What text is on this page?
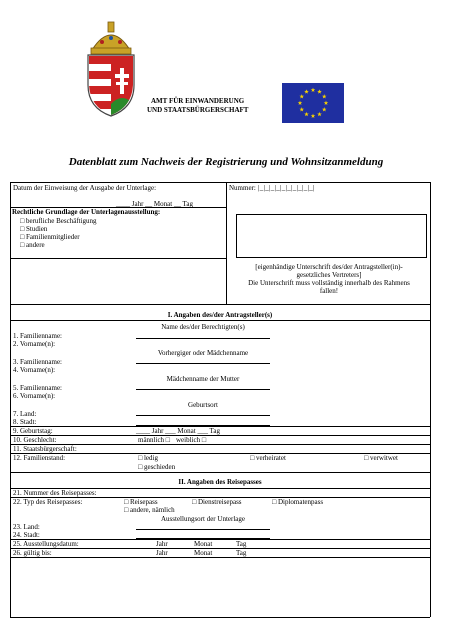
AMT FÜR EINWANDERUNG
UND STAATSBÜRGERSCHAFT
Datenblatt zum Nachweis der Registrierung und Wohnsitzanmeldung
Datum der Einweisung der Ausgabe der Unterlage:	Nummer: |_|_|_|_|_|_|_|_|_|_|
____ Jahr __ Monat __ Tag
Rechtliche Grundlage der Unterlagenausstellung:
□ berufliche Beschäftigung
□ Studien
□ Familienmitglieder
□ andere
[eigenhändige Unterschrift des/der Antragsteller(in)-
gesetzliches Vertreters]
Die Unterschrift muss vollständig innerhalb des Rahmens
fallen!
I. Angaben des/der Antragsteller(s)
Name des/der Berechtigten(s)
1. Familienname:
2. Vorname(n):
Vorhergiger oder Mädchenname
3. Familienname:
4. Vorname(n):
Mädchenname der Mutter
5. Familienname:
6. Vorname(n):
Geburtsort
7. Land:
8. Stadt:
9. Geburtstag:	____ Jahr ___ Monat ___ Tag
10. Geschlecht:	männlich □ weiblich □
11. Staatsbürgerschaft:
12. Familienstand:	□ ledig	□ verheiratet	□ verwitwet
□ geschieden
II. Angaben des Reisepasses
21. Nummer des Reisepasses:
22. Typ des Reisepasses:	□ Reisepass	□ Dienstreisepass	□ Diplomatenpass
□ andere, nämlich
Ausstellungsort der Unterlage
23. Land:
24. Stadt:
25. Ausstellungsdatum:	Jahr	Monat	Tag
26. gültig bis:	Jahr	Monat	Tag
